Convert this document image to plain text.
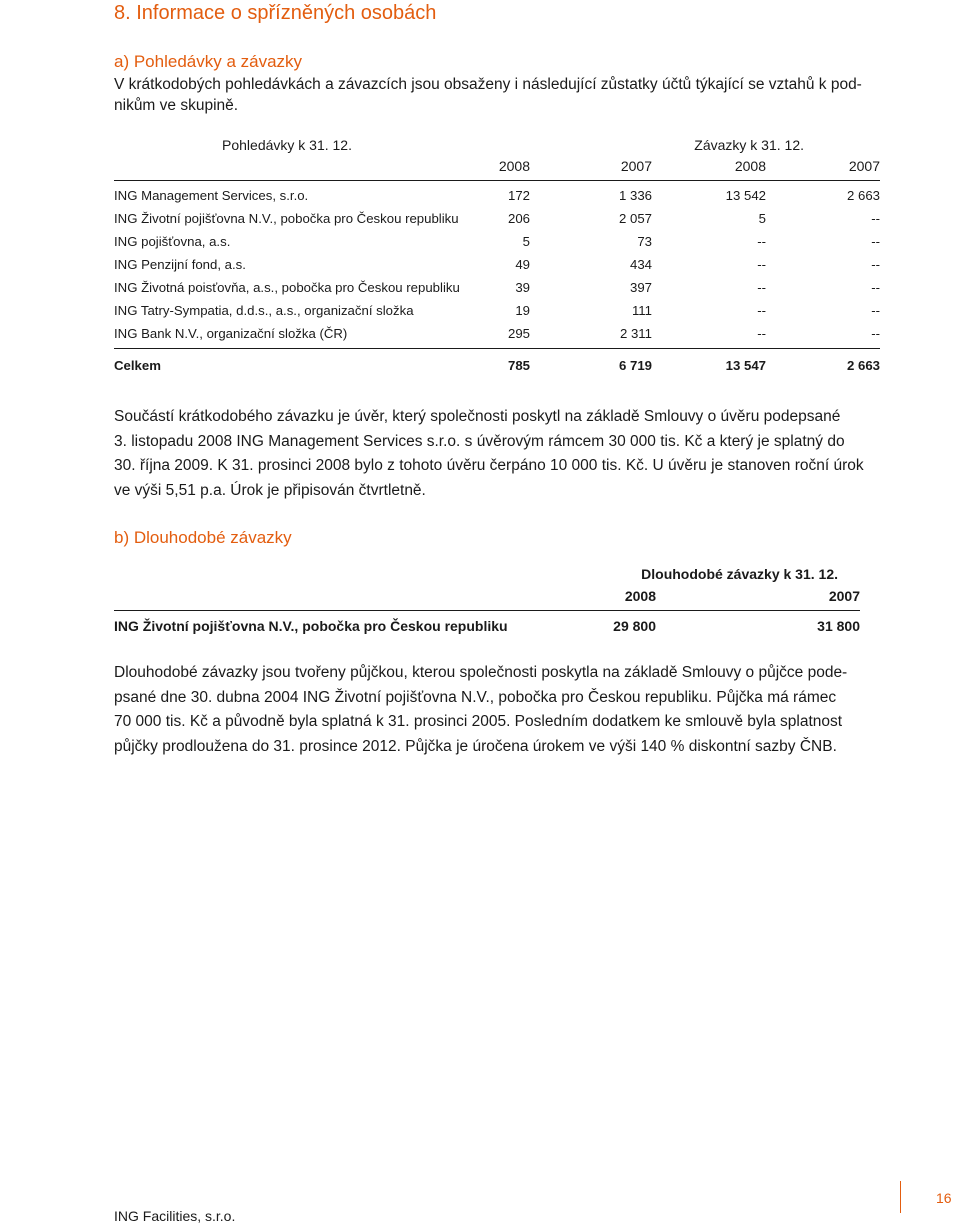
8. Informace o spřízněných osobách
a) Pohledávky a závazky

V krátkodobých pohledávkách a závazcích jsou obsaženy i následující zůstatky účtů týkající se vztahů k pod-

nikům ve skupině.

Pohledávky k 31. 12.	Závazky k 31. 12.
2008	2007	2008	2007
ING Management Services, s.r.o.	172	1 336	13 542	2 663
ING Životní pojišťovna N.V., pobočka pro Českou republiku	206	2 057	5	--
ING pojišťovna, a.s.	5	73	--	--
ING Penzijní fond, a.s.	49	434	--	--
ING Životná poisťovňa, a.s., pobočka pro Českou republiku	39	397	--	--
ING Tatry-Sympatia, d.d.s., a.s., organizační složka	19	111	--	--
ING Bank N.V., organizační složka (ČR)	295	2 311	--	--
Celkem	785	6 719	13 547	2 663

Součástí krátkodobého závazku je úvěr, který společnosti poskytl na základě Smlouvy o úvěru podepsané

3. listopadu 2008 ING Management Services s.r.o. s úvěrovým rámcem 30 000 tis. Kč a který je splatný do

30. října 2009. K 31. prosinci 2008 bylo z tohoto úvěru čerpáno 10 000 tis. Kč. U úvěru je stanoven roční úrok

ve výši 5,51 p.a. Úrok je připisován čtvrtletně.

b) Dlouhodobé závazky
Dlouhodobé závazky k 31. 12.
2008	2007
ING Životní pojišťovna N.V., pobočka pro Českou republiku	29 800	31 800

Dlouhodobé závazky jsou tvořeny půjčkou, kterou společnosti poskytla na základě Smlouvy o půjčce pode-

psané dne 30. dubna 2004 ING Životní pojišťovna N.V., pobočka pro Českou republiku. Půjčka má rámec

70 000 tis. Kč a původně byla splatná k 31. prosinci 2005. Posledním dodatkem ke smlouvě byla splatnost

půjčky prodloužena do 31. prosince 2012. Půjčka je úročena úrokem ve výši 140 % diskontní sazby ČNB.

16
ING Facilities, s.r.o.
